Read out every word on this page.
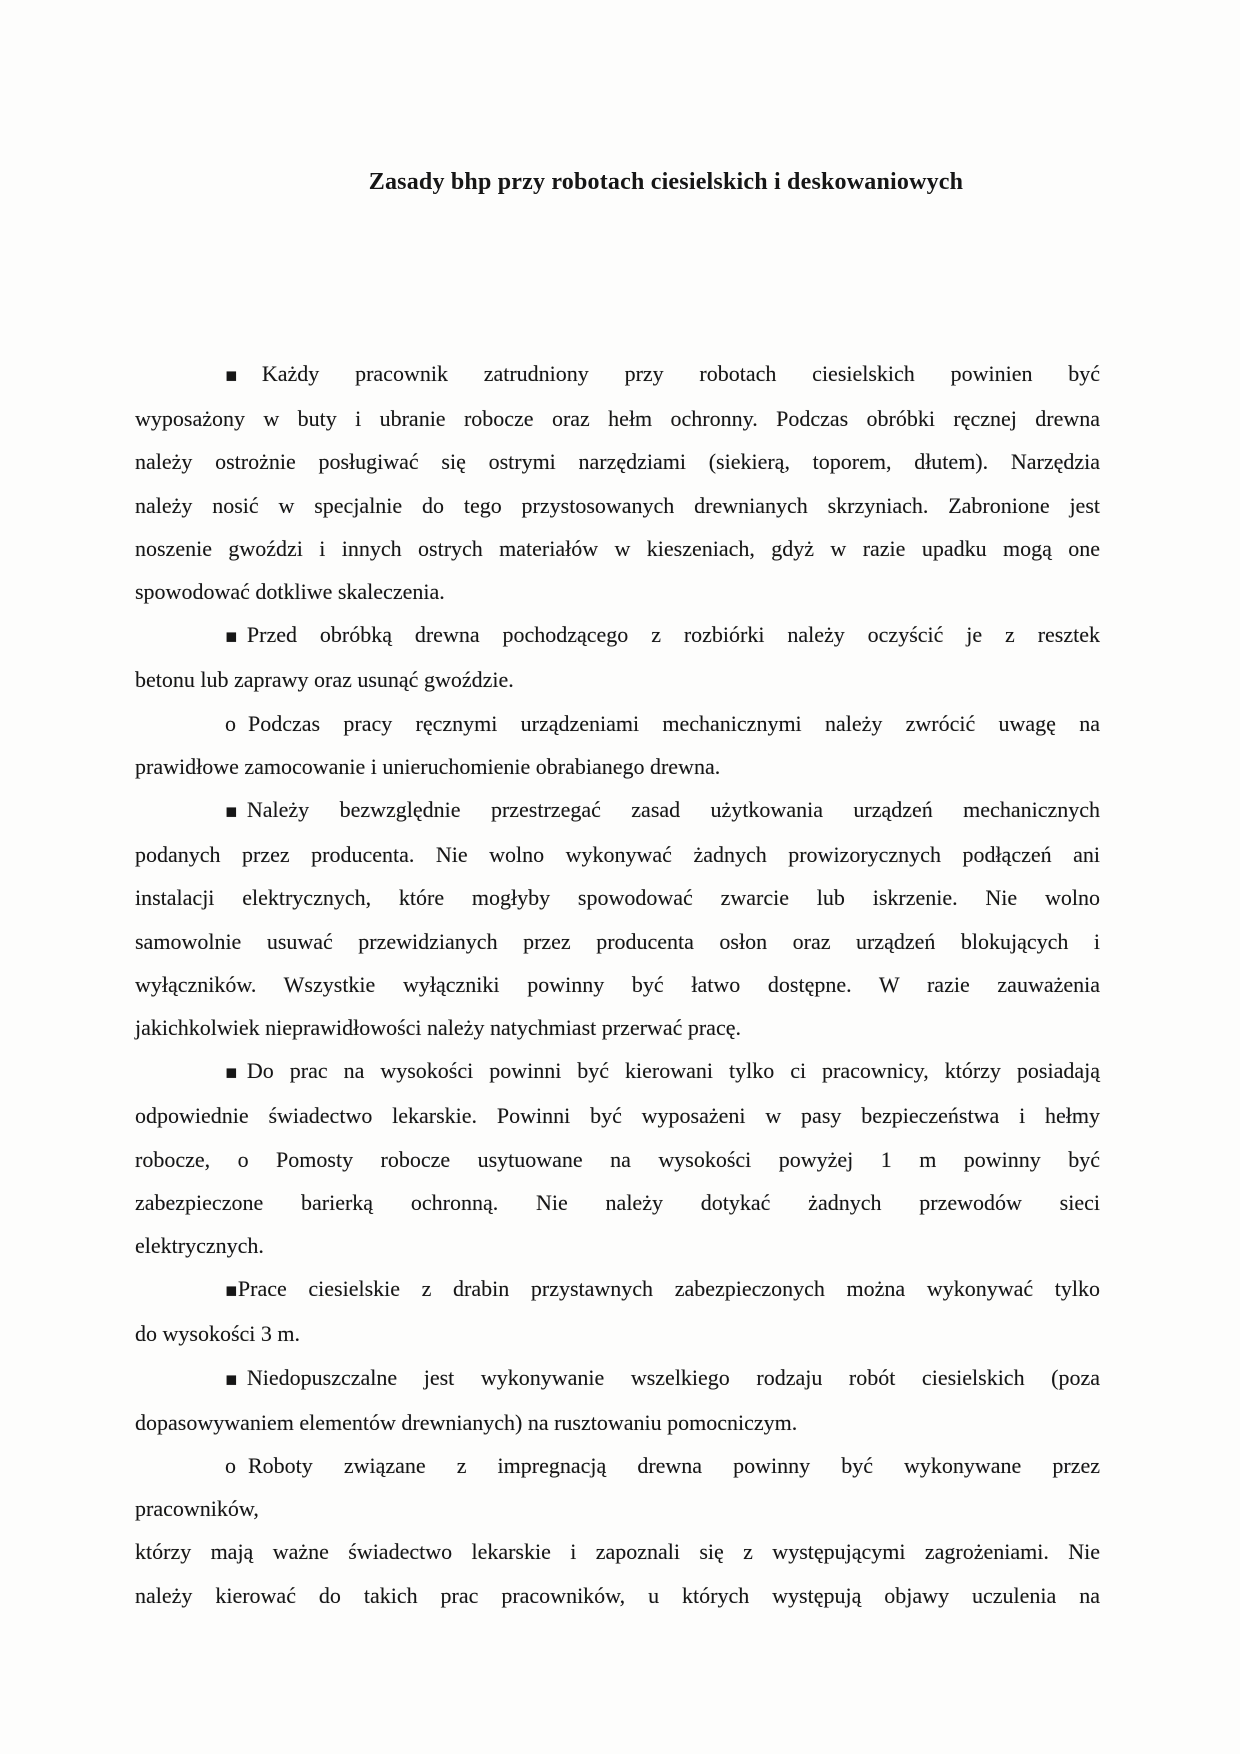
Zasady bhp przy robotach ciesielskich i deskowaniowych
▪ Każdy pracownik zatrudniony przy robotach ciesielskich powinien być
wyposażony w buty i ubranie robocze oraz hełm ochronny. Podczas obróbki ręcznej drewna
należy ostrożnie posługiwać się ostrymi narzędziami (siekierą, toporem, dłutem). Narzędzia
należy nosić w specjalnie do tego przystosowanych drewnianych skrzyniach. Zabronione jest
noszenie gwoździ i innych ostrych materiałów w kieszeniach, gdyż w razie upadku mogą one
spowodować dotkliwe skaleczenia.
▪ Przed obróbką drewna pochodzącego z rozbiórki należy oczyścić je z resztek
betonu lub zaprawy oraz usunąć gwoździe.
o Podczas pracy ręcznymi urządzeniami mechanicznymi należy zwrócić uwagę na
prawidłowe zamocowanie i unieruchomienie obrabianego drewna.
▪ Należy bezwzględnie przestrzegać zasad użytkowania urządzeń mechanicznych
podanych przez producenta. Nie wolno wykonywać żadnych prowizorycznych podłączeń ani
instalacji elektrycznych, które mogłyby spowodować zwarcie lub iskrzenie. Nie wolno
samowolnie usuwać przewidzianych przez producenta osłon oraz urządzeń blokujących i
wyłączników. Wszystkie wyłączniki powinny być łatwo dostępne. W razie zauważenia
jakichkolwiek nieprawidłowości należy natychmiast przerwać pracę.
▪ Do prac na wysokości powinni być kierowani tylko ci pracownicy, którzy posiadają
odpowiednie świadectwo lekarskie. Powinni być wyposażeni w pasy bezpieczeństwa i hełmy
robocze, o Pomosty robocze usytuowane na wysokości powyżej 1 m powinny być
zabezpieczone barierką ochronną. Nie należy dotykać żadnych przewodów sieci
elektrycznych.
▪Prace ciesielskie z drabin przystawnych zabezpieczonych można wykonywać tylko
do wysokości 3 m.
▪ Niedopuszczalne jest wykonywanie wszelkiego rodzaju robót ciesielskich (poza
dopasowywaniem elementów drewnianych) na rusztowaniu pomocniczym.
o Roboty związane z impregnacją drewna powinny być wykonywane przez
pracowników,
którzy mają ważne świadectwo lekarskie i zapoznali się z występującymi zagrożeniami. Nie
należy kierować do takich prac pracowników, u których występują objawy uczulenia na
